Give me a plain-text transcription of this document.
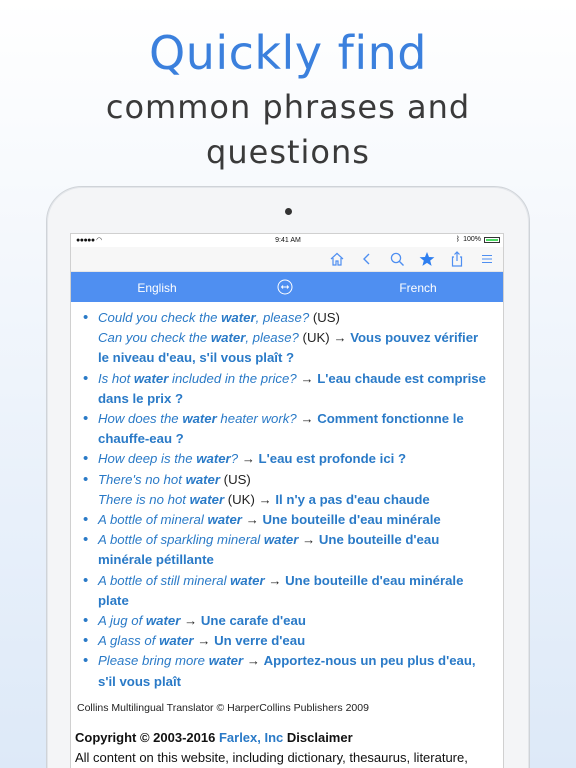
Quickly find
common phrases and
questions
●●●●● ◠	9:41 AM	ᛒ 100%
English	French
• Could you check the water, please? (US)
Can you check the water, please? (UK) → Vous pouvez vérifier
le niveau d'eau, s'il vous plaît ?
• Is hot water included in the price? → L'eau chaude est comprise
dans le prix ?
• How does the water heater work? → Comment fonctionne le
chauffe-eau ?
• How deep is the water? → L'eau est profonde ici ?
• There's no hot water (US)
There is no hot water (UK) → Il n'y a pas d'eau chaude
• A bottle of mineral water → Une bouteille d'eau minérale
• A bottle of sparkling mineral water → Une bouteille d'eau
minérale pétillante
• A bottle of still mineral water → Une bouteille d'eau minérale
plate
• A jug of water → Une carafe d'eau
• A glass of water → Un verre d'eau
• Please bring more water → Apportez-nous un peu plus d'eau,
s'il vous plaît
Collins Multilingual Translator © HarperCollins Publishers 2009
Copyright © 2003-2016 Farlex, Inc Disclaimer
All content on this website, including dictionary, thesaurus, literature,
